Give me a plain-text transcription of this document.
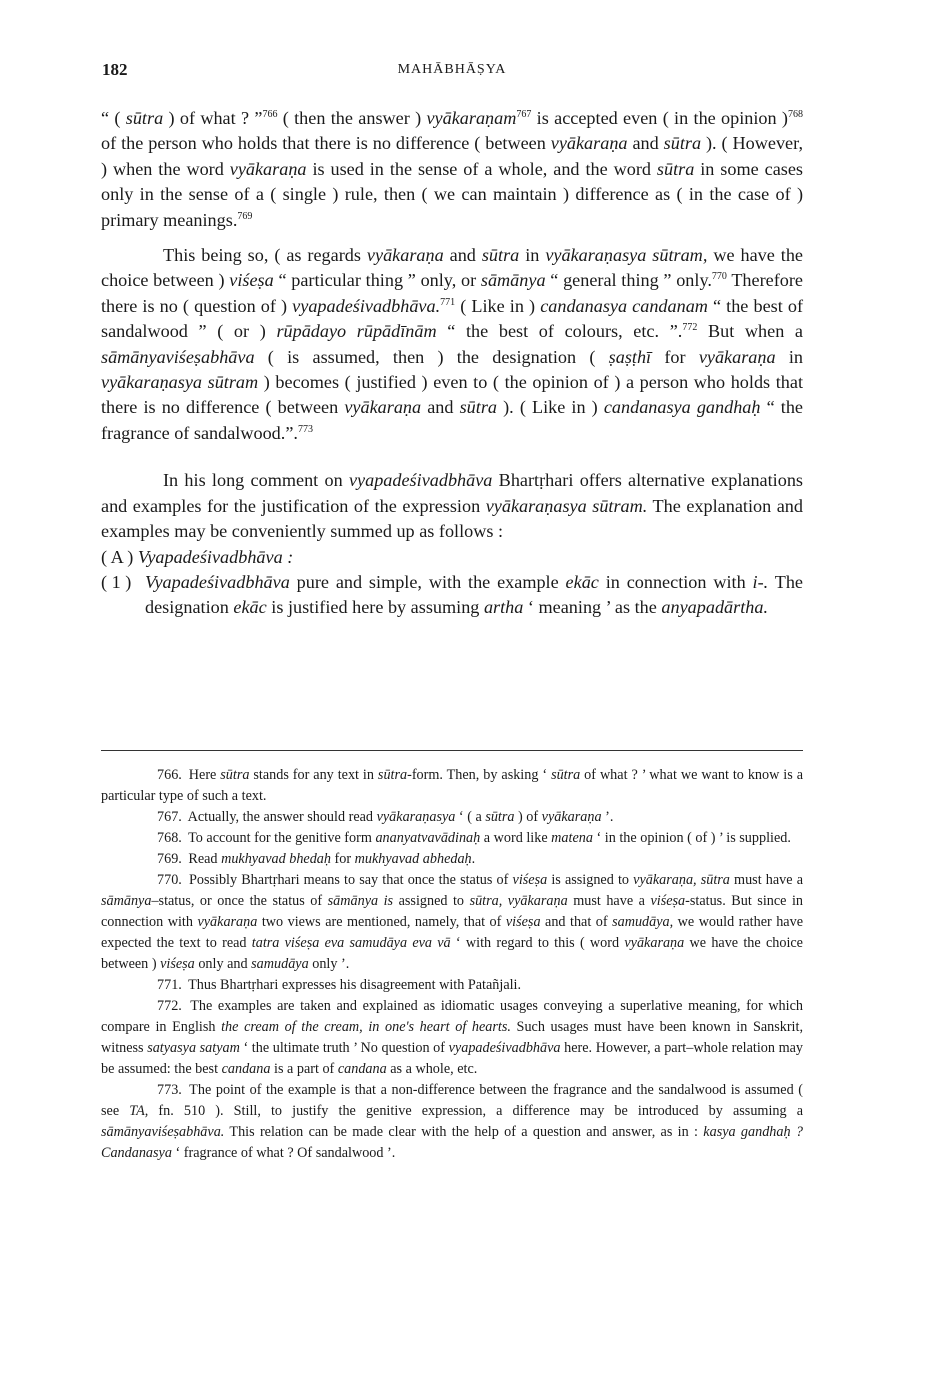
182	MAHĀBHĀṢYA

“ ( sūtra ) of what ? ”$^{766}$ ( then the answer ) vyākaraṇam$^{767}$ is accepted even ( in the opinion )$^{768}$ of the person who holds that there is no difference ( between vyākaraṇa and sūtra ). ( However, ) when the word vyākaraṇa is used in the sense of a whole, and the word sūtra in some cases only in the sense of a ( single ) rule, then ( we can maintain ) difference as ( in the case of ) primary meanings.$^{769}$

This being so, ( as regards vyākaraṇa and sūtra in vyākaraṇasya sūtram, we have the choice between ) viśeṣa “ particular thing ” only, or sāmānya “ general thing ” only.$^{770}$ Therefore there is no ( question of ) vyapadeśivadbhāva.$^{771}$ ( Like in ) candanasya candanam “ the best of sandalwood ” ( or ) rūpādayo rūpādīnām “ the best of colours, etc. ”.$^{772}$ But when a sāmānyaviśeṣabhāva ( is assumed, then ) the designation ( ṣaṣṭhī for vyākaraṇa in vyākaraṇasya sūtram ) becomes ( justified ) even to ( the opinion of ) a person who holds that there is no difference ( between vyākaraṇa and sūtra ). ( Like in ) candanasya gandhaḥ “ the fragrance of sandalwood.”.$^{773}$

In his long comment on vyapadeśivadbhāva Bhartṛhari offers alternative explanations and examples for the justification of the expression vyākaraṇasya sūtram. The explanation and examples may be conveniently summed up as follows :

( A ) Vyapadeśivadbhāva :

( 1 ) Vyapadeśivadbhāva pure and simple, with the example ekāc in connection with i-. The designation ekāc is justified here by assuming artha ‘ meaning ’ as the anyapadārtha.

766. Here sūtra stands for any text in sūtra-form. Then, by asking ‘ sūtra of what ? ’ what we want to know is a particular type of such a text.

767. Actually, the answer should read vyākaraṇasya ‘ ( a sūtra ) of vyākaraṇa ’.

768. To account for the genitive form ananyatvavādinaḥ a word like matena ‘ in the opinion ( of ) ’ is supplied.

769. Read mukhyavad bhedaḥ for mukhyavad abhedaḥ.

770. Possibly Bhartṛhari means to say that once the status of viśeṣa is assigned to vyākaraṇa, sūtra must have a sāmānya–status, or once the status of sāmānya is assigned to sūtra, vyākaraṇa must have a viśeṣa-status. But since in connection with vyākaraṇa two views are mentioned, namely, that of viśeṣa and that of samudāya, we would rather have expected the text to read tatra viśeṣa eva samudāya eva vā ‘ with regard to this ( word vyākaraṇa we have the choice between ) viśeṣa only and samudāya only ’.

771. Thus Bhartṛhari expresses his disagreement with Patañjali.

772. The examples are taken and explained as idiomatic usages conveying a superlative meaning, for which compare in English the cream of the cream, in one's heart of hearts. Such usages must have been known in Sanskrit, witness satyasya satyam ‘ the ultimate truth ’ No question of vyapadeśivadbhāva here. However, a part–whole relation may be assumed: the best candana is a part of candana as a whole, etc.

773. The point of the example is that a non-difference between the fragrance and the sandalwood is assumed ( see TA, fn. 510 ). Still, to justify the genitive expression, a difference may be introduced by assuming a sāmānyaviśeṣabhāva. This relation can be made clear with the help of a question and answer, as in : kasya gandhaḥ ? Candanasya ‘ fragrance of what ? Of sandalwood ’.
